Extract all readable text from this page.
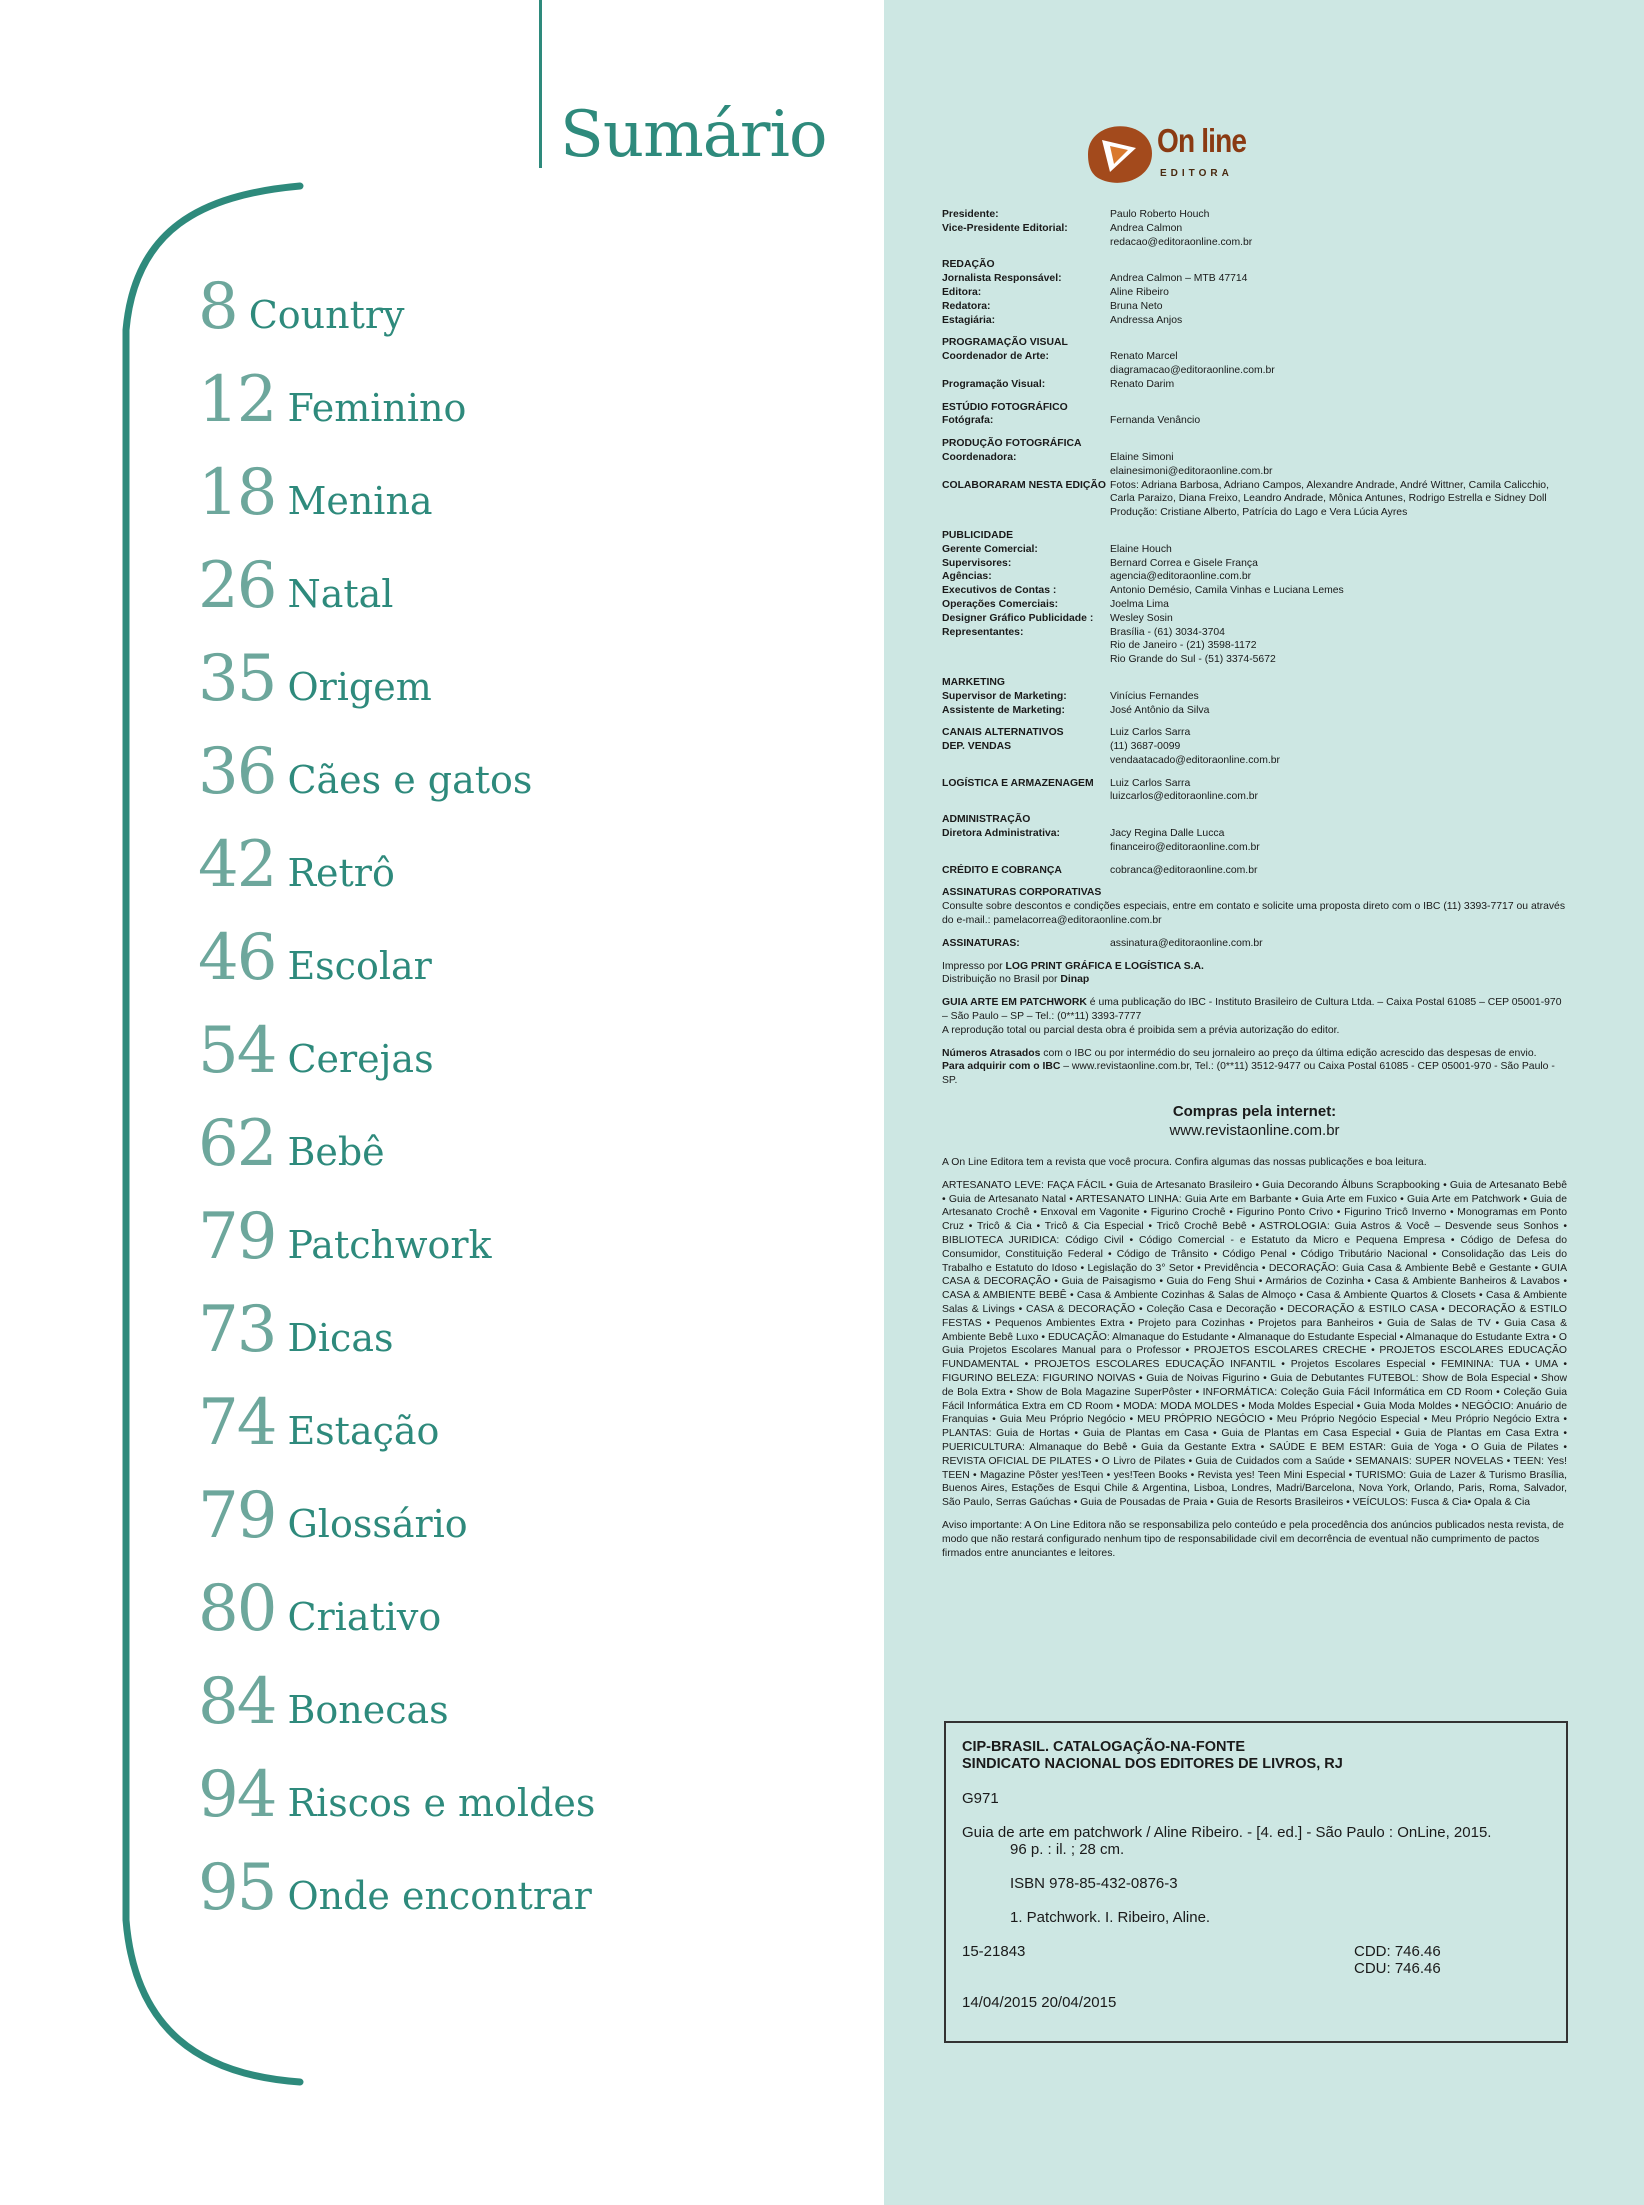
Sumário
8 Country
12 Feminino
18 Menina
26 Natal
35 Origem
36 Cães e gatos
42 Retrô
46 Escolar
54 Cerejas
62 Bebê
79 Patchwork
73 Dicas
74 Estação
79 Glossário
80 Criativo
84 Bonecas
94 Riscos e moldes
95 Onde encontrar
On line
EDITORA
Presidente:	Paulo Roberto Houch
Vice-Presidente Editorial:	Andrea Calmon
redacao@editoraonline.com.br
REDAÇÃO
Jornalista Responsável:	Andrea Calmon – MTB 47714
Editora:	Aline Ribeiro
Redatora:	Bruna Neto
Estagiária:	Andressa Anjos
PROGRAMAÇÃO VISUAL
Coordenador de Arte:	Renato Marcel
diagramacao@editoraonline.com.br
Programação Visual:	Renato Darim
ESTÚDIO FOTOGRÁFICO
Fotógrafa:	Fernanda Venâncio
PRODUÇÃO FOTOGRÁFICA
Coordenadora:	Elaine Simoni
elainesimoni@editoraonline.com.br
COLABORARAM NESTA EDIÇÃO Fotos: Adriana Barbosa, Adriano Campos, Alexandre Andrade, André Wittner, Camila Calicchio, Carla Paraizo, Diana Freixo, Leandro Andrade, Mônica Antunes, Rodrigo Estrella e Sidney Doll
Produção: Cristiane Alberto, Patrícia do Lago e Vera Lúcia Ayres
PUBLICIDADE
Gerente Comercial:	Elaine Houch
Supervisores:	Bernard Correa e Gisele França
Agências:	agencia@editoraonline.com.br
Executivos de Contas :	Antonio Demésio, Camila Vinhas e Luciana Lemes
Operações Comerciais:	Joelma Lima
Designer Gráfico Publicidade :	Wesley Sosin
Representantes:	Brasília - (61) 3034-3704
Rio de Janeiro - (21) 3598-1172
Rio Grande do Sul - (51) 3374-5672
MARKETING
Supervisor de Marketing:	Vinícius Fernandes
Assistente de Marketing:	José Antônio da Silva
CANAIS ALTERNATIVOS	Luiz Carlos Sarra
DEP. VENDAS	(11) 3687-0099
vendaatacado@editoraonline.com.br
LOGÍSTICA E ARMAZENAGEM	Luiz Carlos Sarra
luizcarlos@editoraonline.com.br
ADMINISTRAÇÃO
Diretora Administrativa:	Jacy Regina Dalle Lucca
financeiro@editoraonline.com.br
CRÉDITO E COBRANÇA	cobranca@editoraonline.com.br
ASSINATURAS CORPORATIVAS
Consulte sobre descontos e condições especiais, entre em contato e solicite uma proposta direto com o IBC (11) 3393-7717 ou através do e-mail.: pamelacorrea@editoraonline.com.br
ASSINATURAS:	assinatura@editoraonline.com.br
Impresso por LOG PRINT GRÁFICA E LOGÍSTICA S.A.
Distribuição no Brasil por Dinap
GUIA ARTE EM PATCHWORK é uma publicação do IBC - Instituto Brasileiro de Cultura Ltda. – Caixa Postal 61085 – CEP 05001-970 – São Paulo – SP – Tel.: (0**11) 3393-7777
A reprodução total ou parcial desta obra é proibida sem a prévia autorização do editor.
Números Atrasados com o IBC ou por intermédio do seu jornaleiro ao preço da última edição acrescido das despesas de envio.
Para adquirir com o IBC – www.revistaonline.com.br, Tel.: (0**11) 3512-9477 ou Caixa Postal 61085 - CEP 05001-970 - São Paulo - SP.
Compras pela internet:
www.revistaonline.com.br
A On Line Editora tem a revista que você procura. Confira algumas das nossas publicações e boa leitura.
ARTESANATO LEVE: FAÇA FÁCIL • Guia de Artesanato Brasileiro • Guia Decorando Álbuns Scrapbooking • Guia de Artesanato Bebê • Guia de Artesanato Natal • ARTESANATO LINHA: Guia Arte em Barbante • Guia Arte em Fuxico • Guia Arte em Patchwork • Guia de Artesanato Crochê • Enxoval em Vagonite • Figurino Crochê • Figurino Ponto Crivo • Figurino Tricô Inverno • Monogramas em Ponto Cruz • Tricô & Cia • Tricô & Cia Especial • Tricô Crochê Bebê • ASTROLOGIA: Guia Astros & Você – Desvende seus Sonhos • BIBLIOTECA JURIDICA: Código Civil • Código Comercial - e Estatuto da Micro e Pequena Empresa • Código de Defesa do Consumidor, Constituição Federal • Código de Trânsito • Código Penal • Código Tributário Nacional • Consolidação das Leis do Trabalho e Estatuto do Idoso • Legislação do 3° Setor • Previdência • DECORAÇÃO: Guia Casa & Ambiente Bebê e Gestante • GUIA CASA & DECORAÇÃO • Guia de Paisagismo • Guia do Feng Shui • Armários de Cozinha • Casa & Ambiente Banheiros & Lavabos • CASA & AMBIENTE BEBÊ • Casa & Ambiente Cozinhas & Salas de Almoço • Casa & Ambiente Quartos & Closets • Casa & Ambiente Salas & Livings • CASA & DECORAÇÃO • Coleção Casa e Decoração • DECORAÇÃO & ESTILO CASA • DECORAÇÃO & ESTILO FESTAS • Pequenos Ambientes Extra • Projeto para Cozinhas • Projetos para Banheiros • Guia de Salas de TV • Guia Casa & Ambiente Bebê Luxo • EDUCAÇÃO: Almanaque do Estudante • Almanaque do Estudante Especial • Almanaque do Estudante Extra • O Guia Projetos Escolares Manual para o Professor • PROJETOS ESCOLARES CRECHE • PROJETOS ESCOLARES EDUCAÇÃO FUNDAMENTAL • PROJETOS ESCOLARES EDUCAÇÃO INFANTIL • Projetos Escolares Especial • FEMININA: TUA • UMA • FIGURINO BELEZA: FIGURINO NOIVAS • Guia de Noivas Figurino • Guia de Debutantes FUTEBOL: Show de Bola Especial • Show de Bola Extra • Show de Bola Magazine SuperPôster • INFORMÁTICA: Coleção Guia Fácil Informática em CD Room • Coleção Guia Fácil Informática Extra em CD Room • MODA: MODA MOLDES • Moda Moldes Especial • Guia Moda Moldes • NEGÓCIO: Anuário de Franquias • Guia Meu Próprio Negócio • MEU PRÓPRIO NEGÓCIO • Meu Próprio Negócio Especial • Meu Próprio Negócio Extra • PLANTAS: Guia de Hortas • Guia de Plantas em Casa • Guia de Plantas em Casa Especial • Guia de Plantas em Casa Extra • PUERICULTURA: Almanaque do Bebê • Guia da Gestante Extra • SAÚDE E BEM ESTAR: Guia de Yoga • O Guia de Pilates • REVISTA OFICIAL DE PILATES • O Livro de Pilates • Guia de Cuidados com a Saúde • SEMANAIS: SUPER NOVELAS • TEEN: Yes! TEEN • Magazine Pôster yes!Teen • yes!Teen Books • Revista yes! Teen Mini Especial • TURISMO: Guia de Lazer & Turismo Brasília, Buenos Aires, Estações de Esqui Chile & Argentina, Lisboa, Londres, Madri/Barcelona, Nova York, Orlando, Paris, Roma, Salvador, São Paulo, Serras Gaúchas • Guia de Pousadas de Praia • Guia de Resorts Brasileiros • VEÍCULOS: Fusca & Cia• Opala & Cia
Aviso importante: A On Line Editora não se responsabiliza pelo conteúdo e pela procedência dos anúncios publicados nesta revista, de modo que não restará configurado nenhum tipo de responsabilidade civil em decorrência de eventual não cumprimento de pactos firmados entre anunciantes e leitores.
CIP-BRASIL. CATALOGAÇÃO-NA-FONTE
SINDICATO NACIONAL DOS EDITORES DE LIVROS, RJ
G971
Guia de arte em patchwork / Aline Ribeiro. - [4. ed.] - São Paulo : OnLine, 2015.
96 p. : il. ; 28 cm.
ISBN 978-85-432-0876-3
1. Patchwork. I. Ribeiro, Aline.
15-21843	CDD: 746.46
CDU: 746.46
14/04/2015 20/04/2015
